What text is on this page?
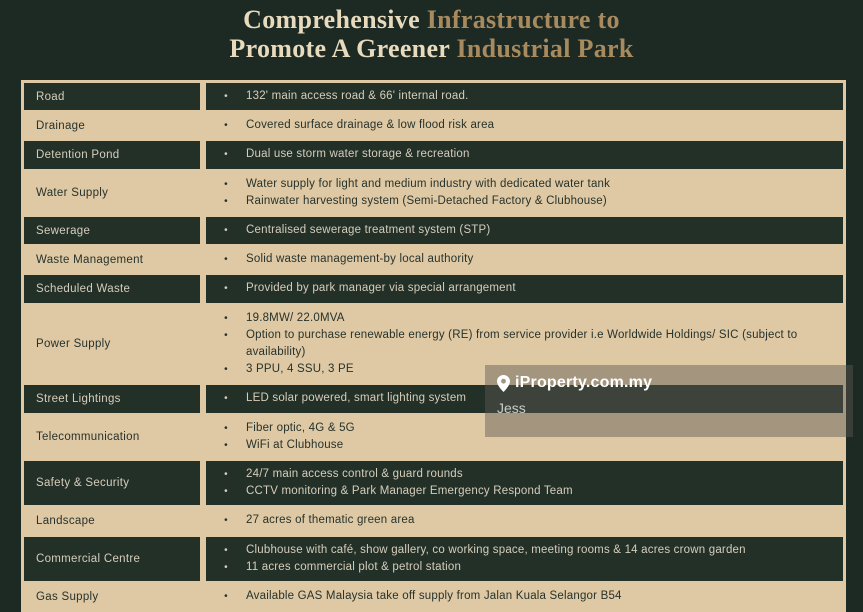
Comprehensive Infrastructure to
Promote A Greener Industrial Park
Road	•	132' main access road & 66' internal road.
Drainage	•	Covered surface drainage & low flood risk area
Detention Pond	•	Dual use storm water storage & recreation
Water Supply
•	Water supply for light and medium industry with dedicated water tank
•	Rainwater harvesting system (Semi-Detached Factory & Clubhouse)
Sewerage	•	Centralised sewerage treatment system (STP)
Waste Management	•	Solid waste management-by local authority
Scheduled Waste	•	Provided by park manager via special arrangement
Power Supply
•	19.8MW/ 22.0MVA
•	Option to purchase renewable energy (RE) from service provider i.e Worldwide Holdings/ SIC (subject to availability)
•	3 PPU, 4 SSU, 3 PE
Street Lightings	•	LED solar powered, smart lighting system
Telecommunication
•	Fiber optic, 4G & 5G
•	WiFi at Clubhouse
Safety & Security
•	24/7 main access control & guard rounds
•	CCTV monitoring & Park Manager Emergency Respond Team
Landscape	•	27 acres of thematic green area
Commercial Centre
•	Clubhouse with café, show gallery, co working space, meeting rooms & 14 acres crown garden
•	11 acres commercial plot & petrol station
Gas Supply	•	Available GAS Malaysia take off supply from Jalan Kuala Selangor B54
iProperty.com.my
Jess
